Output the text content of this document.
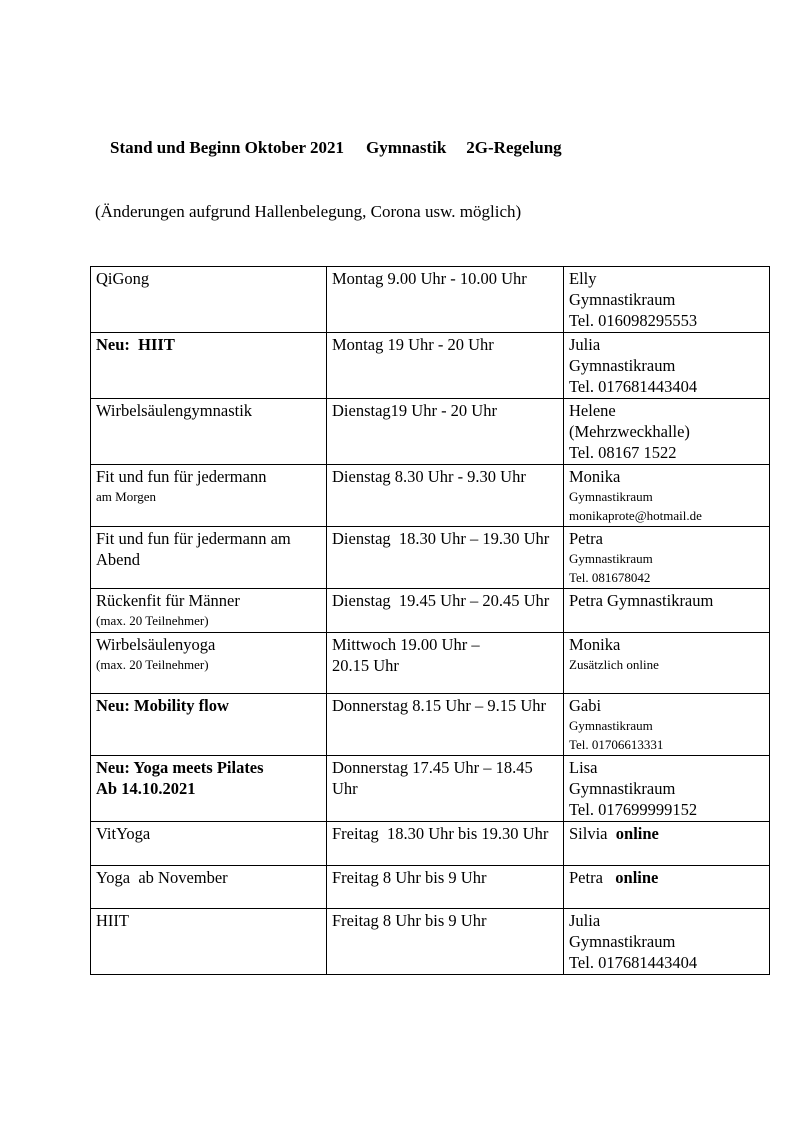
Stand und Beginn Oktober 2021 Gymnastik 2G-Regelung
(Änderungen aufgrund Hallenbelegung, Corona usw. möglich)
QiGong	Montag 9.00 Uhr - 10.00 Uhr	Elly
Gymnastikraum
Tel. 016098295553

Neu:  HIIT	Montag 19 Uhr - 20 Uhr	Julia
Gymnastikraum
Tel. 017681443404

Wirbelsäulengymnastik	Dienstag19 Uhr - 20 Uhr	Helene
(Mehrzweckhalle)
Tel. 08167 1522

Fit und fun für jedermann
am Morgen	Dienstag 8.30 Uhr - 9.30 Uhr	Monika
Gymnastikraum
monikaprote@hotmail.de

Fit und fun für jedermann am Abend	Dienstag  18.30 Uhr – 19.30 Uhr	Petra
Gymnastikraum
Tel. 081678042

Rückenfit für Männer
(max. 20 Teilnehmer)	Dienstag  19.45 Uhr – 20.45 Uhr	Petra Gymnastikraum

Wirbelsäulenyoga
(max. 20 Teilnehmer)	Mittwoch 19.00 Uhr –
20.15 Uhr	Monika
Zusätzlich online

Neu: Mobility flow	Donnerstag 8.15 Uhr – 9.15 Uhr	Gabi
Gymnastikraum
Tel. 01706613331

Neu: Yoga meets Pilates
Ab 14.10.2021	Donnerstag 17.45 Uhr – 18.45 Uhr	Lisa
Gymnastikraum
Tel. 017699999152

VitYoga	Freitag  18.30 Uhr bis 19.30 Uhr	Silvia  online

Yoga  ab November	Freitag 8 Uhr bis 9 Uhr	Petra   online

HIIT	Freitag 8 Uhr bis 9 Uhr	Julia
Gymnastikraum
Tel. 017681443404
